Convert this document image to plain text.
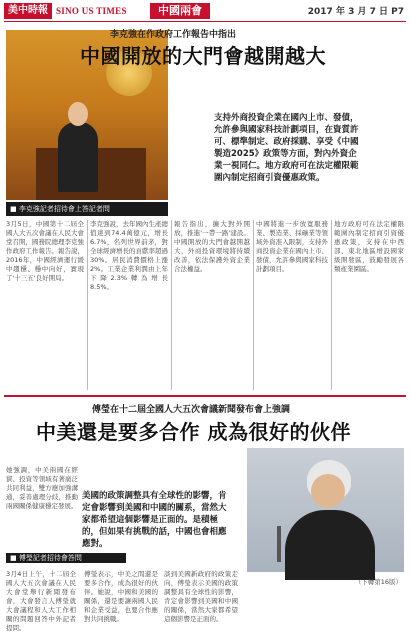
美中時報 SINO US TIMES	中國兩會	2017 年 3 月 7 日 P7
■ 李克強記者招待會上答記者問
李克強在作政府工作報告中指出
中國開放的大門會越開越大
支持外商投資企業在國內上市、發債，允許參與國家科技計劃項目，在資質許可、標準制定、政府採購、享受《中國製造2025》政策等方面，對內外資企業一視同仁。地方政府可在法定權限範圍內制定招商引資優惠政策。
3月5日，中國第十二屆全國人大五次會議在人民大會堂召開，國務院總理李克強作政府工作報告。報告說，2016年，中國經濟運行緩中趨穩、穩中向好，實現了'十三五'良好開局。
李克強說，去年國內生產總值達到74.4萬億元，增長6.7%，名列世界前茅，對全球經濟增長的貢獻率超過30%。居民消費價格上漲2%。工業企業利潤由上年下降2.3%轉為增長8.5%。
報告指出，擴大對外開放，推進'一帶一路'建設。中國開放的大門會越開越大，外商投資環境將持續改善，依法保護外資企業合法權益。
中國將進一步放寬服務業、製造業、採礦業等領域外資准入限制，支持外商投資企業在國內上市、發債，允許參與國家科技計劃項目。
地方政府可在法定權限範圍內制定招商引資優惠政策，支持在中西部、東北地區增設國家級開發區，鼓勵發展各類產業園區。
傅瑩在十二屆全國人大五次會議新聞發布會上強調
中美還是要多合作 成為很好的伙伴
美國的政策調整具有全球性的影響，肯定會影響到美國和中國的關系，當然大家都希望這個影響是正面的。是積極的，但如果有挑戰的話，中國也會相應應對。
3月4日上午，十二屆全國人大五次會議在人民大會堂舉行新聞發布會，大會發言人傅瑩就大會議程和人大工作相關的問題回答中外記者提問。
傅瑩表示，中美之間還是要多合作，成為很好的伙伴。她說，中國和美國的關係，還是要讓兩國人民和企業受益，也要合作應對共同挑戰。
談到美國新政府的政策走向，傅瑩表示美國的政策調整具有全球性的影響，肯定會影響到美國和中國的關係，當然大家都希望這個影響是正面的。
她強調，中美兩國在經貿、投資等領域有著廣泛共同利益，雙方應加強溝通，妥善處理分歧，推動兩國關係健康穩定發展。
■ 傅瑩記者招待會答問
（下轉第16版）
